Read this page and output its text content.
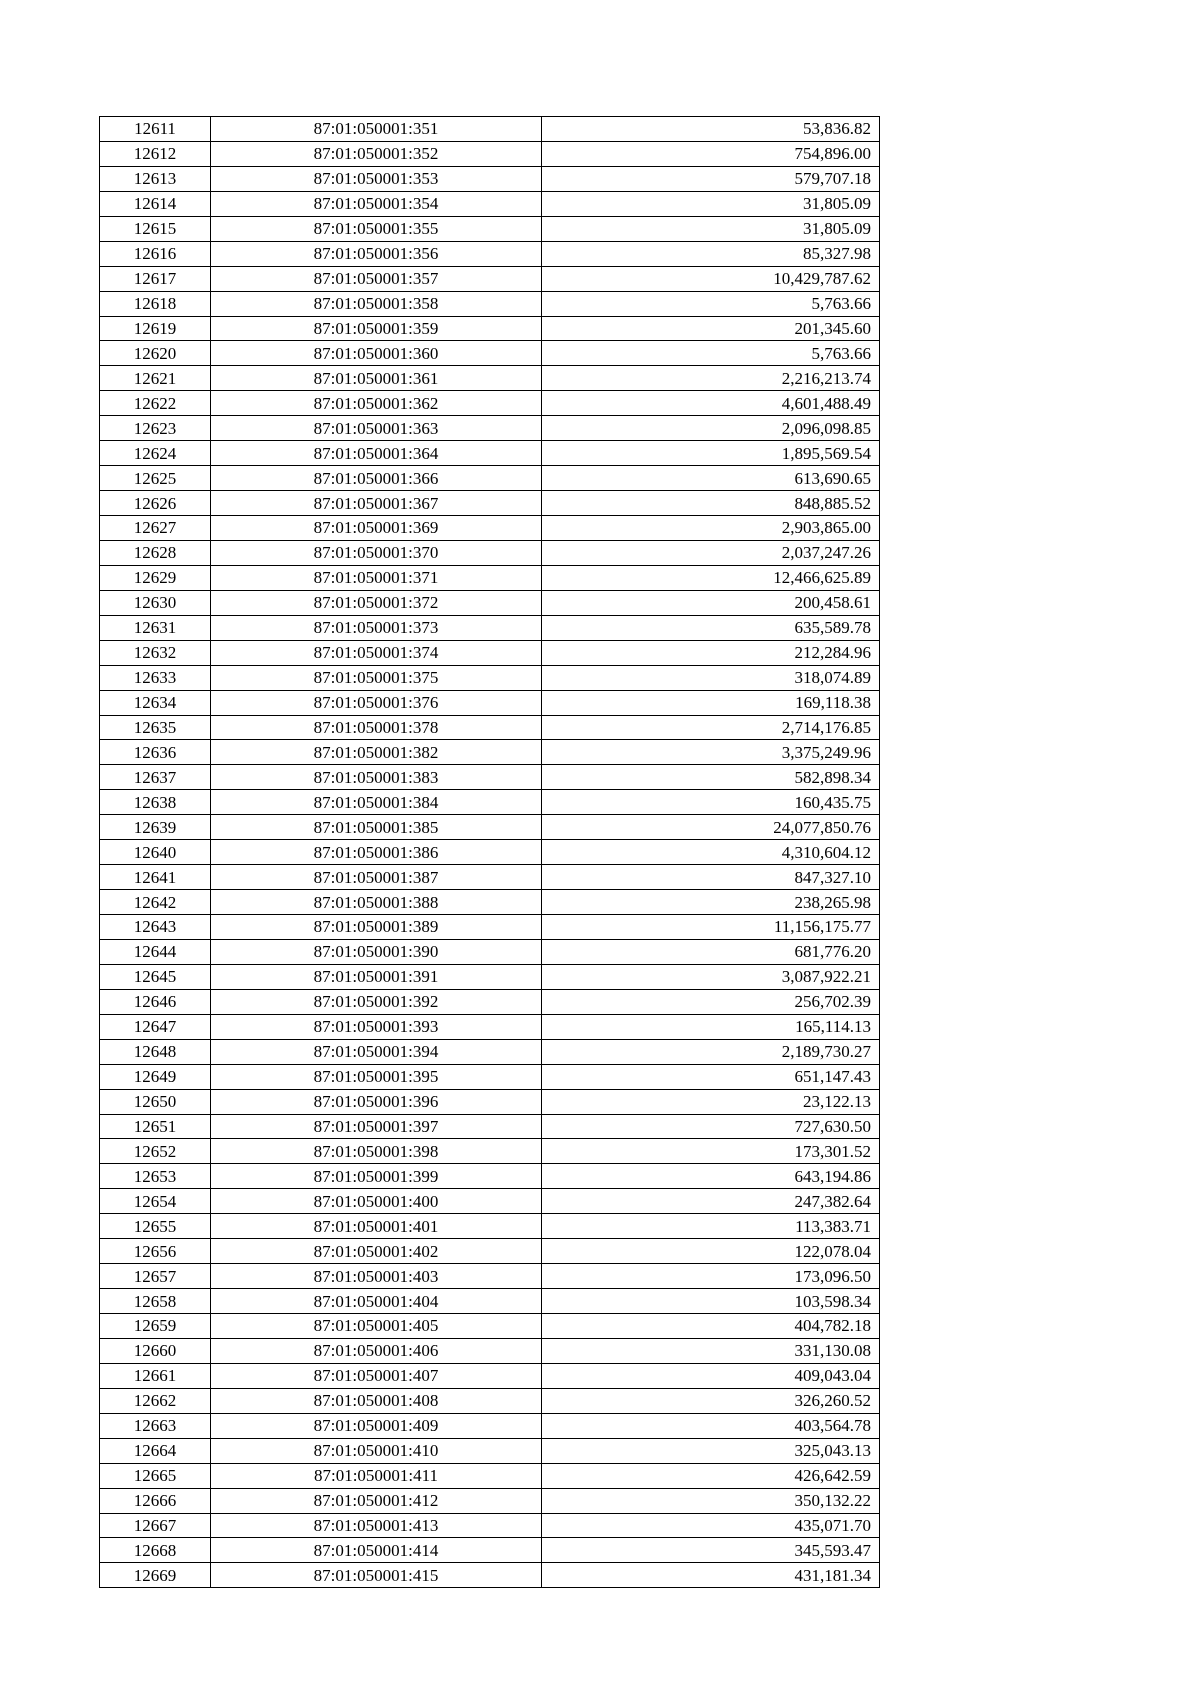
12611	87:01:050001:351	53,836.82
12612	87:01:050001:352	754,896.00
12613	87:01:050001:353	579,707.18
12614	87:01:050001:354	31,805.09
12615	87:01:050001:355	31,805.09
12616	87:01:050001:356	85,327.98
12617	87:01:050001:357	10,429,787.62
12618	87:01:050001:358	5,763.66
12619	87:01:050001:359	201,345.60
12620	87:01:050001:360	5,763.66
12621	87:01:050001:361	2,216,213.74
12622	87:01:050001:362	4,601,488.49
12623	87:01:050001:363	2,096,098.85
12624	87:01:050001:364	1,895,569.54
12625	87:01:050001:366	613,690.65
12626	87:01:050001:367	848,885.52
12627	87:01:050001:369	2,903,865.00
12628	87:01:050001:370	2,037,247.26
12629	87:01:050001:371	12,466,625.89
12630	87:01:050001:372	200,458.61
12631	87:01:050001:373	635,589.78
12632	87:01:050001:374	212,284.96
12633	87:01:050001:375	318,074.89
12634	87:01:050001:376	169,118.38
12635	87:01:050001:378	2,714,176.85
12636	87:01:050001:382	3,375,249.96
12637	87:01:050001:383	582,898.34
12638	87:01:050001:384	160,435.75
12639	87:01:050001:385	24,077,850.76
12640	87:01:050001:386	4,310,604.12
12641	87:01:050001:387	847,327.10
12642	87:01:050001:388	238,265.98
12643	87:01:050001:389	11,156,175.77
12644	87:01:050001:390	681,776.20
12645	87:01:050001:391	3,087,922.21
12646	87:01:050001:392	256,702.39
12647	87:01:050001:393	165,114.13
12648	87:01:050001:394	2,189,730.27
12649	87:01:050001:395	651,147.43
12650	87:01:050001:396	23,122.13
12651	87:01:050001:397	727,630.50
12652	87:01:050001:398	173,301.52
12653	87:01:050001:399	643,194.86
12654	87:01:050001:400	247,382.64
12655	87:01:050001:401	113,383.71
12656	87:01:050001:402	122,078.04
12657	87:01:050001:403	173,096.50
12658	87:01:050001:404	103,598.34
12659	87:01:050001:405	404,782.18
12660	87:01:050001:406	331,130.08
12661	87:01:050001:407	409,043.04
12662	87:01:050001:408	326,260.52
12663	87:01:050001:409	403,564.78
12664	87:01:050001:410	325,043.13
12665	87:01:050001:411	426,642.59
12666	87:01:050001:412	350,132.22
12667	87:01:050001:413	435,071.70
12668	87:01:050001:414	345,593.47
12669	87:01:050001:415	431,181.34
